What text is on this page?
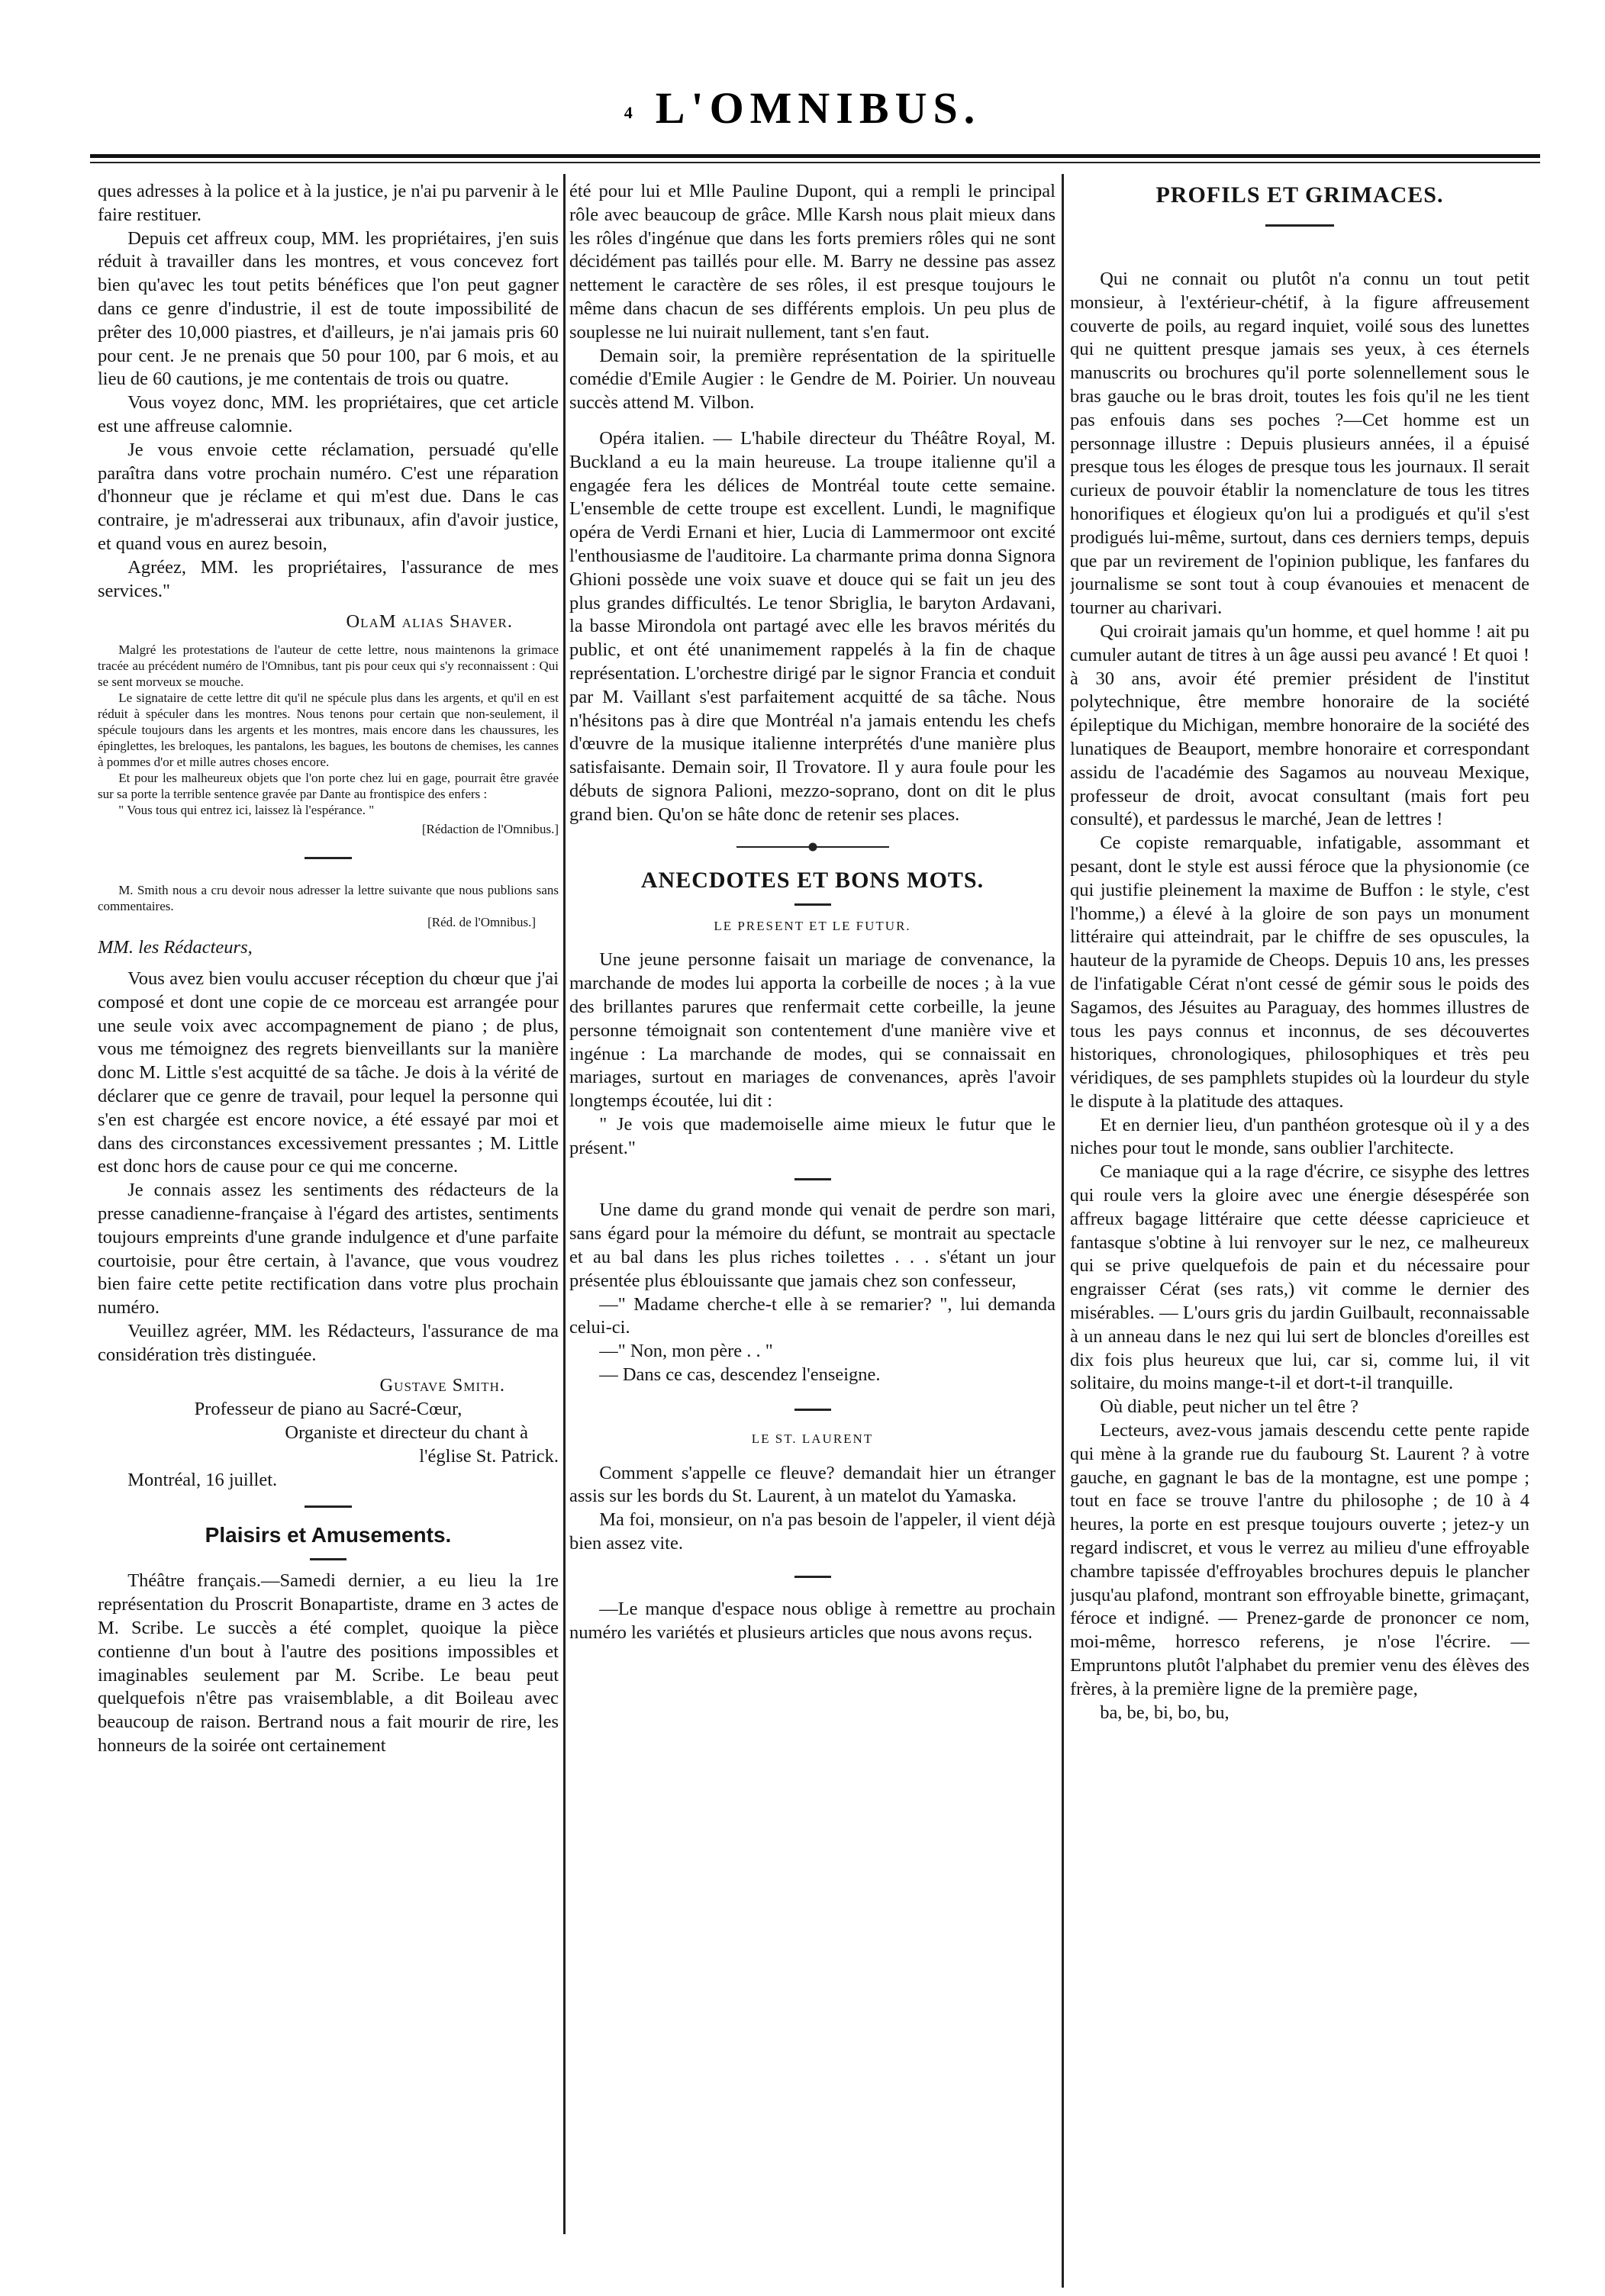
4 L'OMNIBUS.

ques adresses à la police et à la justice, je n'ai pu parvenir à le faire restituer.

Depuis cet affreux coup, MM. les propriétaires, j'en suis réduit à travailler dans les montres, et vous concevez fort bien qu'avec les tout petits bénéfices que l'on peut gagner dans ce genre d'industrie, il est de toute impossibilité de prêter des 10,000 piastres, et d'ailleurs, je n'ai jamais pris 60 pour cent. Je ne prenais que 50 pour 100, par 6 mois, et au lieu de 60 cautions, je me contentais de trois ou quatre.

Vous voyez donc, MM. les propriétaires, que cet article est une affreuse calomnie.

Je vous envoie cette réclamation, persuadé qu'elle paraîtra dans votre prochain numéro. C'est une réparation d'honneur que je réclame et qui m'est due. Dans le cas contraire, je m'adresserai aux tribunaux, afin d'avoir justice, et quand vous en aurez besoin,

Agréez, MM. les propriétaires, l'assurance de mes services."

OlaM alias Shaver.

Malgré les protestations de l'auteur de cette lettre, nous maintenons la grimace tracée au précédent numéro de l'Omnibus, tant pis pour ceux qui s'y reconnaissent : Qui se sent morveux se mouche.

Le signataire de cette lettre dit qu'il ne spécule plus dans les argents, et qu'il en est réduit à spéculer dans les montres. Nous tenons pour certain que non-seulement, il spécule toujours dans les argents et les montres, mais encore dans les chaussures, les épinglettes, les breloques, les pantalons, les bagues, les boutons de chemises, les cannes à pommes d'or et mille autres choses encore.

Et pour les malheureux objets que l'on porte chez lui en gage, pourrait être gravée sur sa porte la terrible sentence gravée par Dante au frontispice des enfers :

" Vous tous qui entrez ici, laissez là l'espérance. "

[Rédaction de l'Omnibus.]

M. Smith nous a cru devoir nous adresser la lettre suivante que nous publions sans commentaires.

[Réd. de l'Omnibus.]

MM. les Rédacteurs,

Vous avez bien voulu accuser réception du chœur que j'ai composé et dont une copie de ce morceau est arrangée pour une seule voix avec accompagnement de piano ; de plus, vous me témoignez des regrets bienveillants sur la manière donc M. Little s'est acquitté de sa tâche. Je dois à la vérité de déclarer que ce genre de travail, pour lequel la personne qui s'en est chargée est encore novice, a été essayé par moi et dans des circonstances excessivement pressantes ; M. Little est donc hors de cause pour ce qui me concerne.

Je connais assez les sentiments des rédacteurs de la presse canadienne-française à l'égard des artistes, sentiments toujours empreints d'une grande indulgence et d'une parfaite courtoisie, pour être certain, à l'avance, que vous voudrez bien faire cette petite rectification dans votre plus prochain numéro.

Veuillez agréer, MM. les Rédacteurs, l'assurance de ma considération très distinguée.

Gustave Smith.
Professeur de piano au Sacré-Cœur,
Organiste et directeur du chant à
l'église St. Patrick.

Montréal, 16 juillet.

Plaisirs et Amusements.

Théâtre français.—Samedi dernier, a eu lieu la 1re représentation du Proscrit Bonapartiste, drame en 3 actes de M. Scribe. Le succès a été complet, quoique la pièce contienne d'un bout à l'autre des positions impossibles et imaginables seulement par M. Scribe. Le beau peut quelquefois n'être pas vraisemblable, a dit Boileau avec beaucoup de raison. Bertrand nous a fait mourir de rire, les honneurs de la soirée ont certainement

été pour lui et Mlle Pauline Dupont, qui a rempli le principal rôle avec beaucoup de grâce. Mlle Karsh nous plait mieux dans les rôles d'ingénue que dans les forts premiers rôles qui ne sont décidément pas taillés pour elle. M. Barry ne dessine pas assez nettement le caractère de ses rôles, il est presque toujours le même dans chacun de ses différents emplois. Un peu plus de souplesse ne lui nuirait nullement, tant s'en faut.

Demain soir, la première représentation de la spirituelle comédie d'Emile Augier : le Gendre de M. Poirier. Un nouveau succès attend M. Vilbon.

Opéra italien. — L'habile directeur du Théâtre Royal, M. Buckland a eu la main heureuse. La troupe italienne qu'il a engagée fera les délices de Montréal toute cette semaine. L'ensemble de cette troupe est excellent. Lundi, le magnifique opéra de Verdi Ernani et hier, Lucia di Lammermoor ont excité l'enthousiasme de l'auditoire. La charmante prima donna Signora Ghioni possède une voix suave et douce qui se fait un jeu des plus grandes difficultés. Le tenor Sbriglia, le baryton Ardavani, la basse Mirondola ont partagé avec elle les bravos mérités du public, et ont été unanimement rappelés à la fin de chaque représentation. L'orchestre dirigé par le signor Francia et conduit par M. Vaillant s'est parfaitement acquitté de sa tâche. Nous n'hésitons pas à dire que Montréal n'a jamais entendu les chefs d'œuvre de la musique italienne interprétés d'une manière plus satisfaisante. Demain soir, Il Trovatore. Il y aura foule pour les débuts de signora Palioni, mezzo-soprano, dont on dit le plus grand bien. Qu'on se hâte donc de retenir ses places.

ANECDOTES ET BONS MOTS.
LE PRESENT ET LE FUTUR.

Une jeune personne faisait un mariage de convenance, la marchande de modes lui apporta la corbeille de noces ; à la vue des brillantes parures que renfermait cette corbeille, la jeune personne témoignait son contentement d'une manière vive et ingénue : La marchande de modes, qui se connaissait en mariages, surtout en mariages de convenances, après l'avoir longtemps écoutée, lui dit :

" Je vois que mademoiselle aime mieux le futur que le présent."

Une dame du grand monde qui venait de perdre son mari, sans égard pour la mémoire du défunt, se montrait au spectacle et au bal dans les plus riches toilettes . . . s'étant un jour présentée plus éblouissante que jamais chez son confesseur,

—" Madame cherche-t elle à se remarier? ", lui demanda celui-ci.

—" Non, mon père . . "

— Dans ce cas, descendez l'enseigne.

LE ST. LAURENT

Comment s'appelle ce fleuve? demandait hier un étranger assis sur les bords du St. Laurent, à un matelot du Yamaska.

Ma foi, monsieur, on n'a pas besoin de l'appeler, il vient déjà bien assez vite.

—Le manque d'espace nous oblige à remettre au prochain numéro les variétés et plusieurs articles que nous avons reçus.

PROFILS ET GRIMACES.

Qui ne connait ou plutôt n'a connu un tout petit monsieur, à l'extérieur-chétif, à la figure affreusement couverte de poils, au regard inquiet, voilé sous des lunettes qui ne quittent presque jamais ses yeux, à ces éternels manuscrits ou brochures qu'il porte solennellement sous le bras gauche ou le bras droit, toutes les fois qu'il ne les tient pas enfouis dans ses poches ?—Cet homme est un personnage illustre : Depuis plusieurs années, il a épuisé presque tous les éloges de presque tous les journaux. Il serait curieux de pouvoir établir la nomenclature de tous les titres honorifiques et élogieux qu'on lui a prodigués et qu'il s'est prodigués lui-même, surtout, dans ces derniers temps, depuis que par un revirement de l'opinion publique, les fanfares du journalisme se sont tout à coup évanouies et menacent de tourner au charivari.

Qui croirait jamais qu'un homme, et quel homme ! ait pu cumuler autant de titres à un âge aussi peu avancé ! Et quoi ! à 30 ans, avoir été premier président de l'institut polytechnique, être membre honoraire de la société épileptique du Michigan, membre honoraire de la société des lunatiques de Beauport, membre honoraire et correspondant assidu de l'académie des Sagamos au nouveau Mexique, professeur de droit, avocat consultant (mais fort peu consulté), et pardessus le marché, Jean de lettres !

Ce copiste remarquable, infatigable, assommant et pesant, dont le style est aussi féroce que la physionomie (ce qui justifie pleinement la maxime de Buffon : le style, c'est l'homme,) a élevé à la gloire de son pays un monument littéraire qui atteindrait, par le chiffre de ses opuscules, la hauteur de la pyramide de Cheops. Depuis 10 ans, les presses de l'infatigable Cérat n'ont cessé de gémir sous le poids des Sagamos, des Jésuites au Paraguay, des hommes illustres de tous les pays connus et inconnus, de ses découvertes historiques, chronologiques, philosophiques et très peu véridiques, de ses pamphlets stupides où la lourdeur du style le dispute à la platitude des attaques.

Et en dernier lieu, d'un panthéon grotesque où il y a des niches pour tout le monde, sans oublier l'architecte.

Ce maniaque qui a la rage d'écrire, ce sisyphe des lettres qui roule vers la gloire avec une énergie désespérée son affreux bagage littéraire que cette déesse capricieuce et fantasque s'obtine à lui renvoyer sur le nez, ce malheureux qui se prive quelquefois de pain et du nécessaire pour engraisser Cérat (ses rats,) vit comme le dernier des misérables. — L'ours gris du jardin Guilbault, reconnaissable à un anneau dans le nez qui lui sert de bloncles d'oreilles est dix fois plus heureux que lui, car si, comme lui, il vit solitaire, du moins mange-t-il et dort-t-il tranquille.

Où diable, peut nicher un tel être ?

Lecteurs, avez-vous jamais descendu cette pente rapide qui mène à la grande rue du faubourg St. Laurent ? à votre gauche, en gagnant le bas de la montagne, est une pompe ; tout en face se trouve l'antre du philosophe ; de 10 à 4 heures, la porte en est presque toujours ouverte ; jetez-y un regard indiscret, et vous le verrez au milieu d'une effroyable chambre tapissée d'effroyables brochures depuis le plancher jusqu'au plafond, montrant son effroyable binette, grimaçant, féroce et indigné. — Prenez-garde de prononcer ce nom, moi-même, horresco referens, je n'ose l'écrire. — Empruntons plutôt l'alphabet du premier venu des élèves des frères, à la première ligne de la première page,

ba, be, bi, bo, bu,
